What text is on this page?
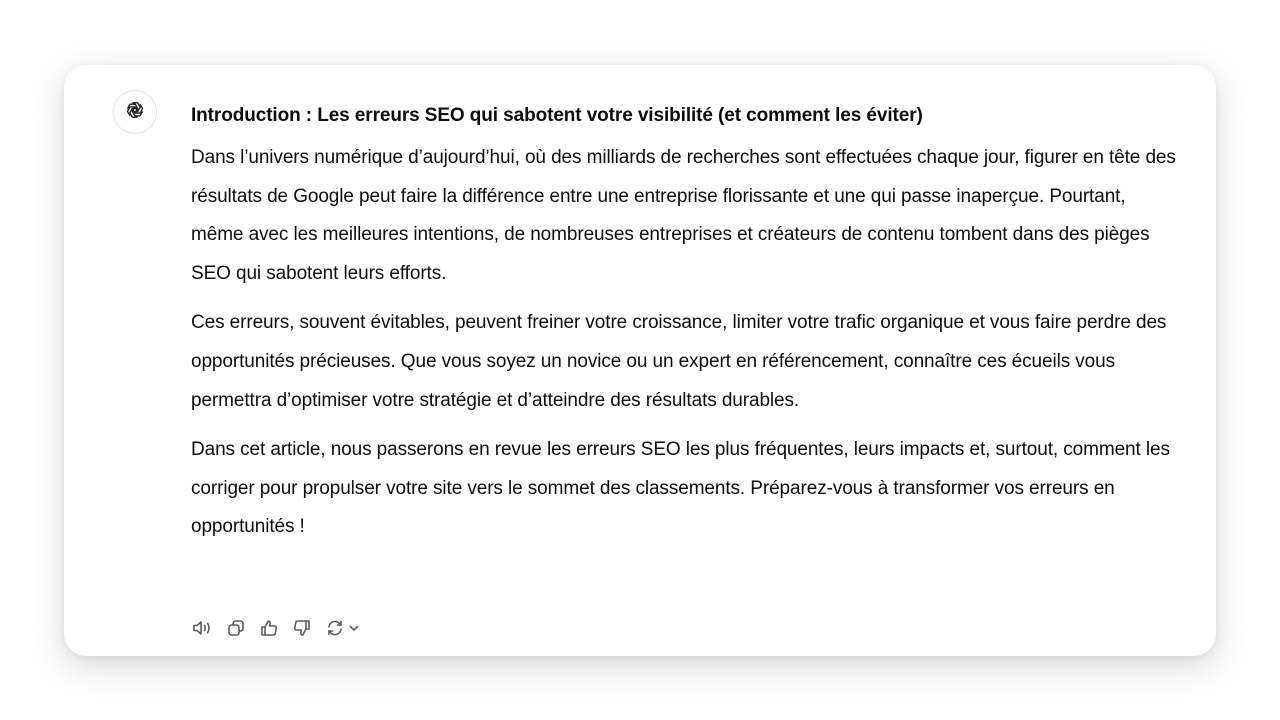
Introduction : Les erreurs SEO qui sabotent votre visibilité (et comment les éviter)

Dans l’univers numérique d’aujourd’hui, où des milliards de recherches sont effectuées chaque jour, figurer en tête des résultats de Google peut faire la différence entre une entreprise florissante et une qui passe inaperçue. Pourtant, même avec les meilleures intentions, de nombreuses entreprises et créateurs de contenu tombent dans des pièges SEO qui sabotent leurs efforts.

Ces erreurs, souvent évitables, peuvent freiner votre croissance, limiter votre trafic organique et vous faire perdre des opportunités précieuses. Que vous soyez un novice ou un expert en référencement, connaître ces écueils vous permettra d’optimiser votre stratégie et d’atteindre des résultats durables.

Dans cet article, nous passerons en revue les erreurs SEO les plus fréquentes, leurs impacts et, surtout, comment les corriger pour propulser votre site vers le sommet des classements. Préparez-vous à transformer vos erreurs en opportunités !
